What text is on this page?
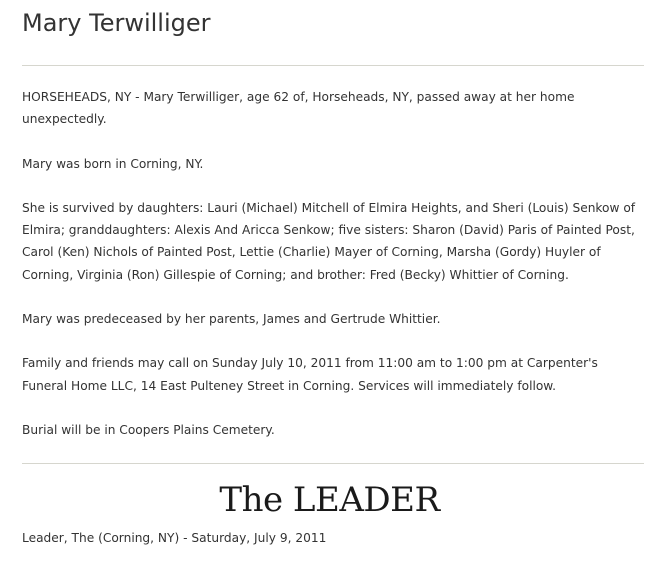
Mary Terwilliger

HORSEHEADS, NY - Mary Terwilliger, age 62 of, Horseheads, NY, passed away at her home unexpectedly.

Mary was born in Corning, NY.

She is survived by daughters: Lauri (Michael) Mitchell of Elmira Heights, and Sheri (Louis) Senkow of Elmira; granddaughters: Alexis And Aricca Senkow; five sisters: Sharon (David) Paris of Painted Post, Carol (Ken) Nichols of Painted Post, Lettie (Charlie) Mayer of Corning, Marsha (Gordy) Huyler of Corning, Virginia (Ron) Gillespie of Corning; and brother: Fred (Becky) Whittier of Corning.

Mary was predeceased by her parents, James and Gertrude Whittier.

Family and friends may call on Sunday July 10, 2011 from 11:00 am to 1:00 pm at Carpenter's Funeral Home LLC, 14 East Pulteney Street in Corning. Services will immediately follow.

Burial will be in Coopers Plains Cemetery.

The LEADER
Leader, The (Corning, NY) - Saturday, July 9, 2011
